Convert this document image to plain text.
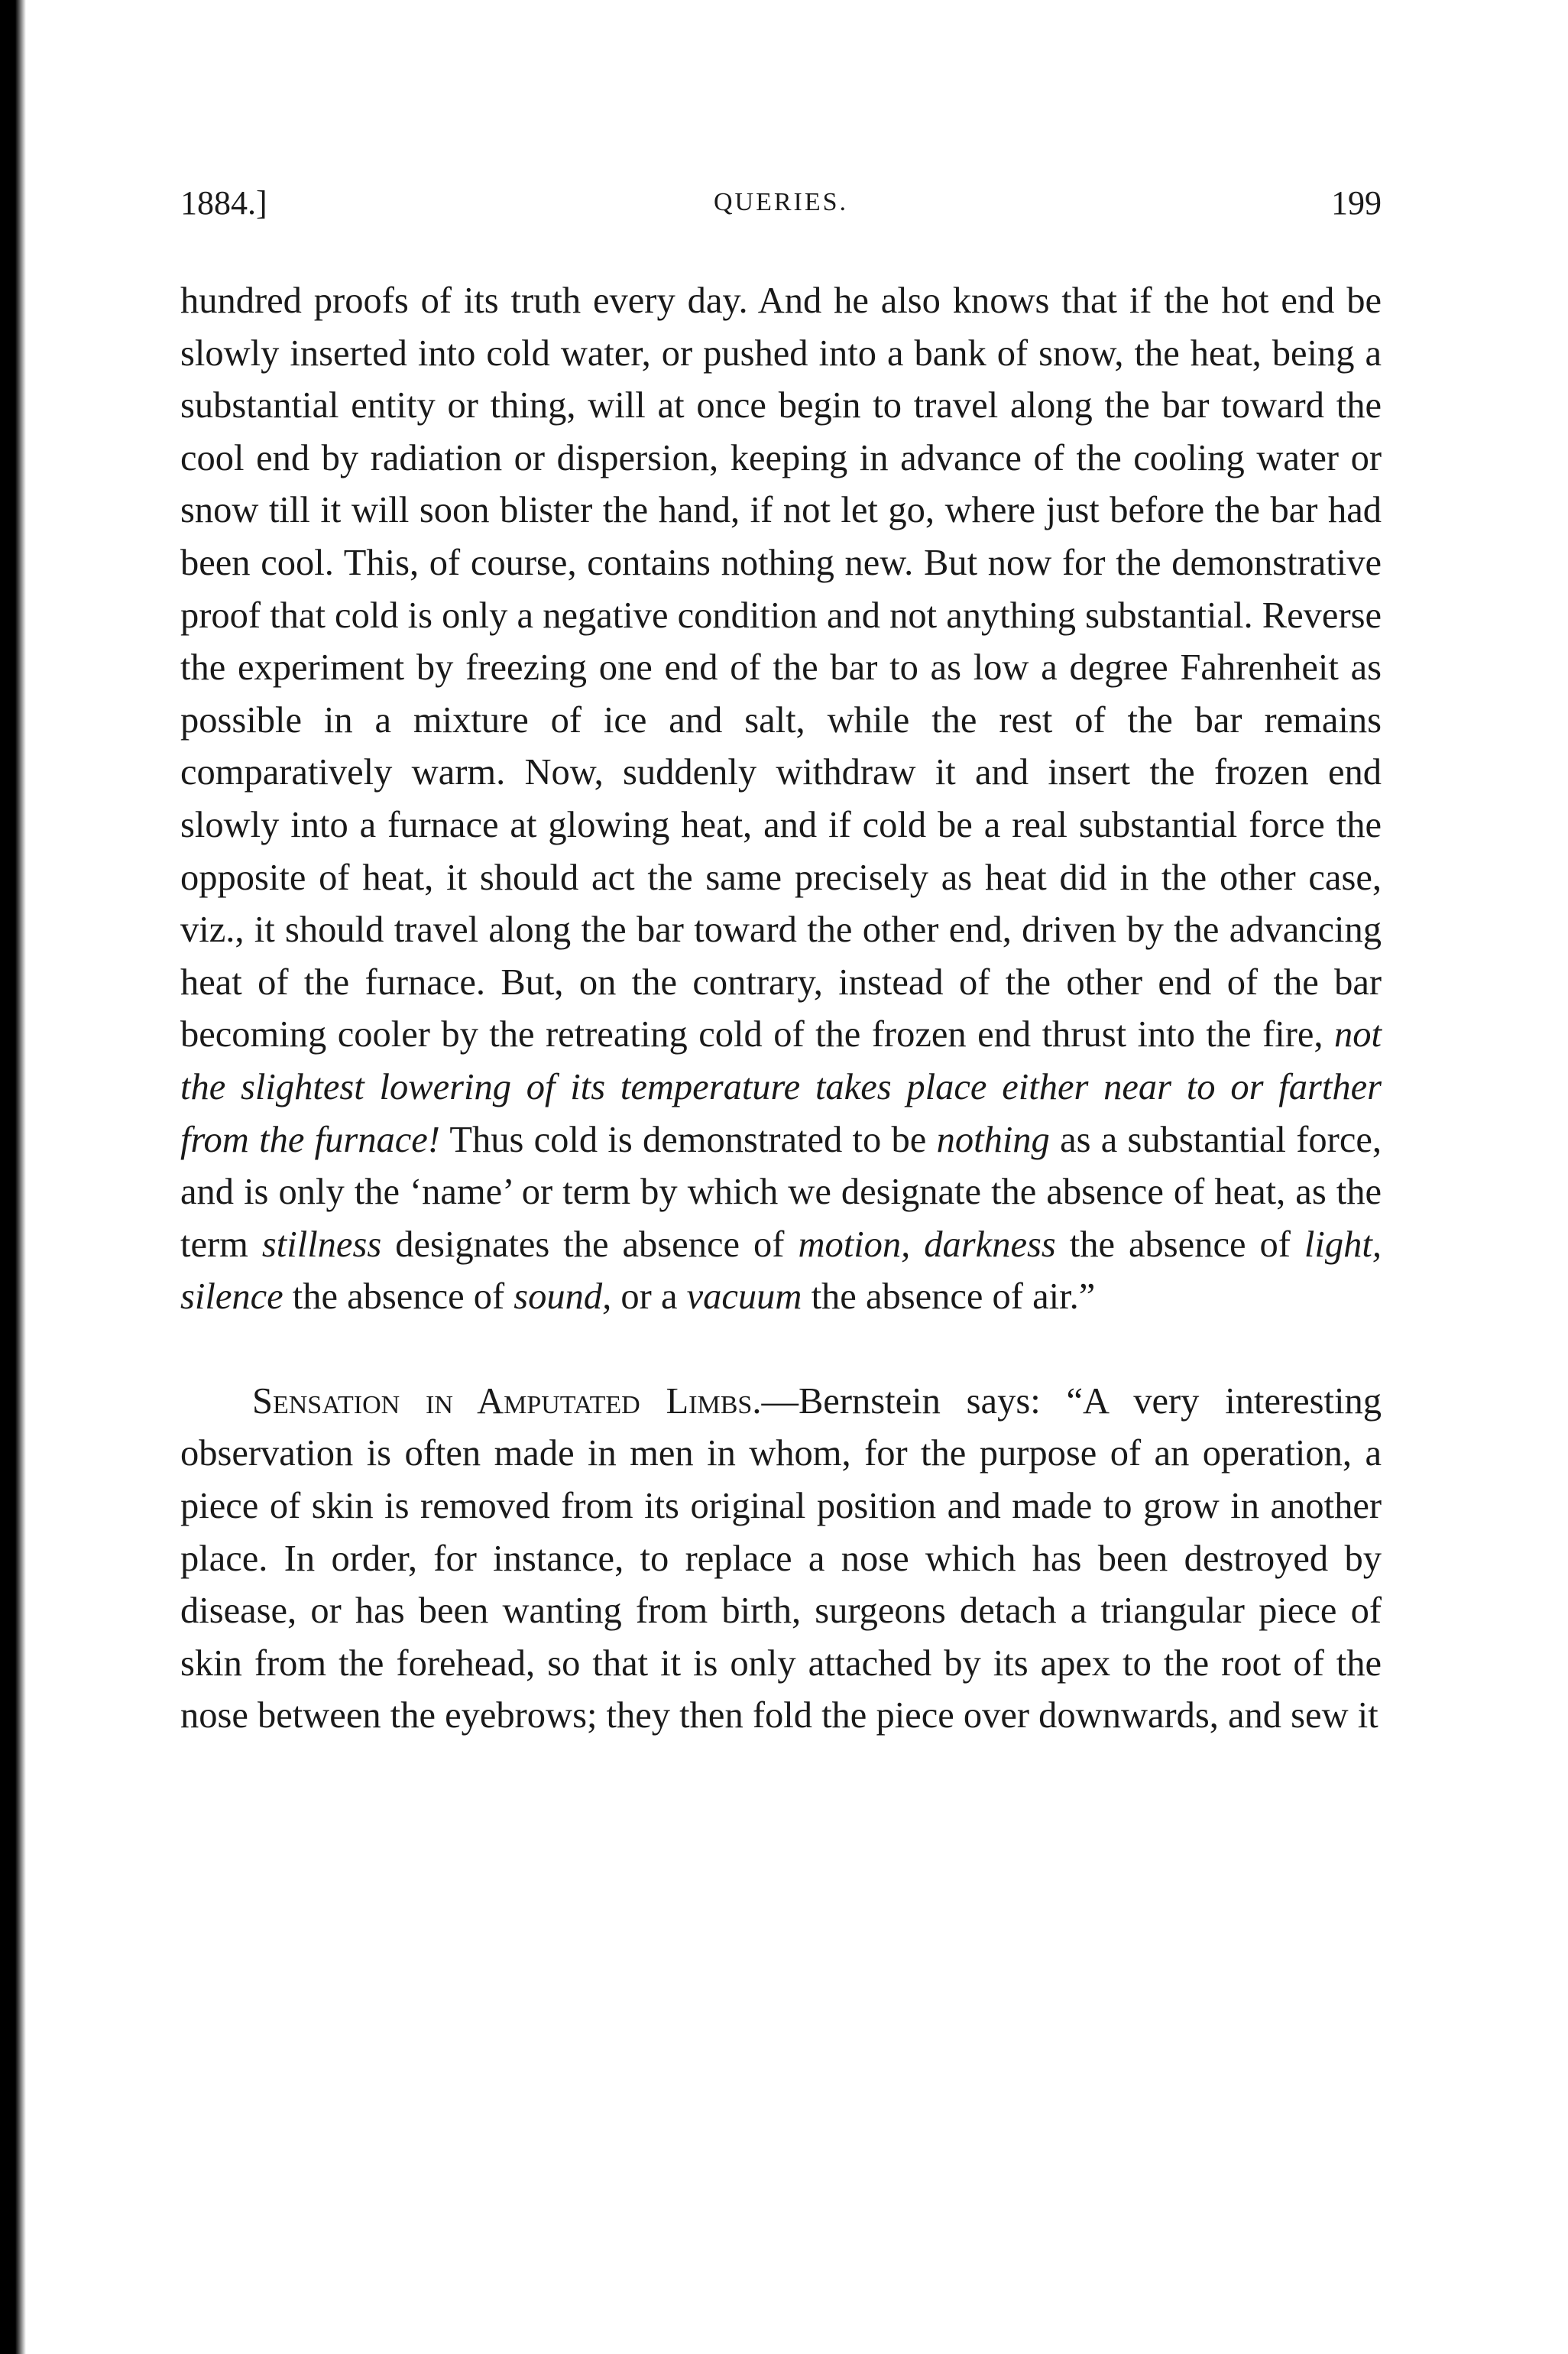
1884.]	QUERIES.	199

hundred proofs of its truth every day. And he also knows that if the hot end be slowly inserted into cold water, or pushed into a bank of snow, the heat, being a substantial entity or thing, will at once begin to travel along the bar toward the cool end by radiation or dispersion, keeping in advance of the cooling water or snow till it will soon blister the hand, if not let go, where just before the bar had been cool. This, of course, contains nothing new. But now for the demonstrative proof that cold is only a negative condition and not anything substantial. Reverse the experiment by freezing one end of the bar to as low a degree Fahrenheit as possible in a mixture of ice and salt, while the rest of the bar remains comparatively warm. Now, suddenly withdraw it and insert the frozen end slowly into a furnace at glowing heat, and if cold be a real substantial force the opposite of heat, it should act the same precisely as heat did in the other case, viz., it should travel along the bar toward the other end, driven by the advancing heat of the furnace. But, on the contrary, instead of the other end of the bar becoming cooler by the retreating cold of the frozen end thrust into the fire, not the slightest lowering of its temperature takes place either near to or farther from the furnace! Thus cold is demonstrated to be nothing as a substantial force, and is only the ‘name’ or term by which we designate the absence of heat, as the term stillness designates the absence of motion, darkness the absence of light, silence the absence of sound, or a vacuum the absence of air.”

Sensation in Amputated Limbs.—Bernstein says: “A very interesting observation is often made in men in whom, for the purpose of an operation, a piece of skin is removed from its original position and made to grow in another place. In order, for instance, to replace a nose which has been destroyed by disease, or has been wanting from birth, surgeons detach a triangular piece of skin from the forehead, so that it is only attached by its apex to the root of the nose between the eyebrows; they then fold the piece over downwards, and sew it
